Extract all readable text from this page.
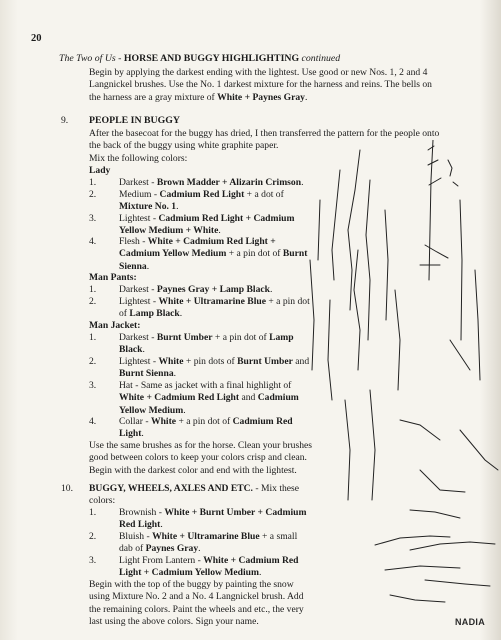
20
The Two of Us - HORSE AND BUGGY HIGHLIGHTING continued
Begin by applying the darkest ending with the lightest. Use good or new Nos. 1, 2 and 4
Langnickel brushes. Use the No. 1 darkest mixture for the harness and reins. The bells on
the harness are a gray mixture of White + Paynes Gray.
9. PEOPLE IN BUGGY
After the basecoat for the buggy has dried, I then transferred the pattern for the people onto
the back of the buggy using white graphite paper.
Mix the following colors:
Lady
1. Darkest - Brown Madder + Alizarin Crimson.
2. Medium - Cadmium Red Light + a dot of
Mixture No. 1.
3. Lightest - Cadmium Red Light + Cadmium
Yellow Medium + White.
4. Flesh - White + Cadmium Red Light +
Cadmium Yellow Medium + a pin dot of Burnt
Sienna.
Man Pants:
1. Darkest - Paynes Gray + Lamp Black.
2. Lightest - White + Ultramarine Blue + a pin dot
of Lamp Black.
Man Jacket:
1. Darkest - Burnt Umber + a pin dot of Lamp
Black.
2. Lightest - White + pin dots of Burnt Umber and
Burnt Sienna.
3. Hat - Same as jacket with a final highlight of
White + Cadmium Red Light and Cadmium
Yellow Medium.
4. Collar - White + a pin dot of Cadmium Red
Light.
Use the same brushes as for the horse. Clean your brushes
good between colors to keep your colors crisp and clean.
Begin with the darkest color and end with the lightest.
10. BUGGY, WHEELS, AXLES AND ETC. - Mix these
colors:
1. Brownish - White + Burnt Umber + Cadmium
Red Light.
2. Bluish - White + Ultramarine Blue + a small
dab of Paynes Gray.
3. Light From Lantern - White + Cadmium Red
Light + Cadmium Yellow Medium.
Begin with the top of the buggy by painting the snow
using Mixture No. 2 and a No. 4 Langnickel brush. Add
the remaining colors. Paint the wheels and etc., the very
last using the above colors. Sign your name.	NADIA
